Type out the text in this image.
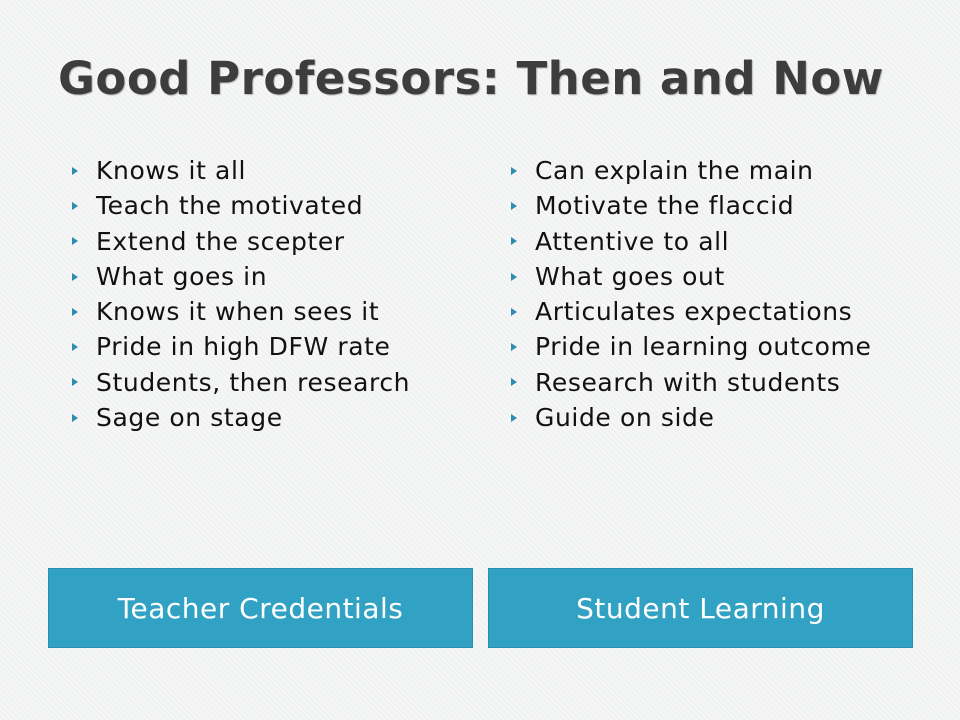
Good Professors: Then and Now
Knows it all
Teach the motivated
Extend the scepter
What goes in
Knows it when sees it
Pride in high DFW rate
Students, then research
Sage on stage
Can explain the main
Motivate the flaccid
Attentive to all
What goes out
Articulates expectations
Pride in learning outcome
Research with students
Guide on side
Teacher Credentials	Student Learning
